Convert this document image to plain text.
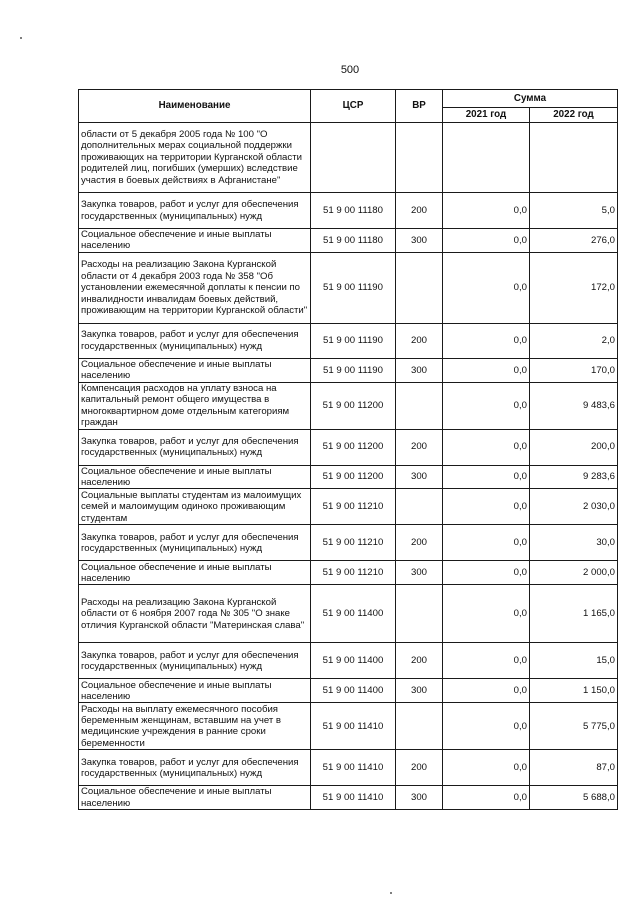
500
Наименование	ЦСР	ВР	Сумма	
			2021 год	2022 год
области от 5 декабря 2005 года № 100 "О дополнительных мерах социальной поддержки проживающих на территории Курганской области родителей лиц, погибших (умерших) вследствие участия в боевых действиях в Афганистане"				
Закупка товаров, работ и услуг для обеспечения государственных (муниципальных) нужд	51 9 00 11180	200	0,0	5,0
Социальное обеспечение и иные выплаты населению	51 9 00 11180	300	0,0	276,0
Расходы на реализацию Закона Курганской области от 4 декабря 2003 года № 358 "Об установлении ежемесячной доплаты к пенсии по инвалидности инвалидам боевых действий, проживающим на территории Курганской области"	51 9 00 11190		0,0	172,0
Закупка товаров, работ и услуг для обеспечения государственных (муниципальных) нужд	51 9 00 11190	200	0,0	2,0
Социальное обеспечение и иные выплаты населению	51 9 00 11190	300	0,0	170,0
Компенсация расходов на уплату взноса на капитальный ремонт общего имущества в многоквартирном доме отдельным категориям граждан	51 9 00 11200		0,0	9 483,6
Закупка товаров, работ и услуг для обеспечения государственных (муниципальных) нужд	51 9 00 11200	200	0,0	200,0
Социальное обеспечение и иные выплаты населению	51 9 00 11200	300	0,0	9 283,6
Социальные выплаты студентам из малоимущих семей и малоимущим одиноко проживающим студентам	51 9 00 11210		0,0	2 030,0
Закупка товаров, работ и услуг для обеспечения государственных (муниципальных) нужд	51 9 00 11210	200	0,0	30,0
Социальное обеспечение и иные выплаты населению	51 9 00 11210	300	0,0	2 000,0
Расходы на реализацию Закона Курганской области от 6 ноября 2007 года № 305 "О знаке отличия Курганской области "Материнская слава"	51 9 00 11400		0,0	1 165,0
Закупка товаров, работ и услуг для обеспечения государственных (муниципальных) нужд	51 9 00 11400	200	0,0	15,0
Социальное обеспечение и иные выплаты населению	51 9 00 11400	300	0,0	1 150,0
Расходы на выплату ежемесячного пособия беременным женщинам, вставшим на учет в медицинские учреждения в ранние сроки беременности	51 9 00 11410		0,0	5 775,0
Закупка товаров, работ и услуг для обеспечения государственных (муниципальных) нужд	51 9 00 11410	200	0,0	87,0
Социальное обеспечение и иные выплаты населению	51 9 00 11410	300	0,0	5 688,0
